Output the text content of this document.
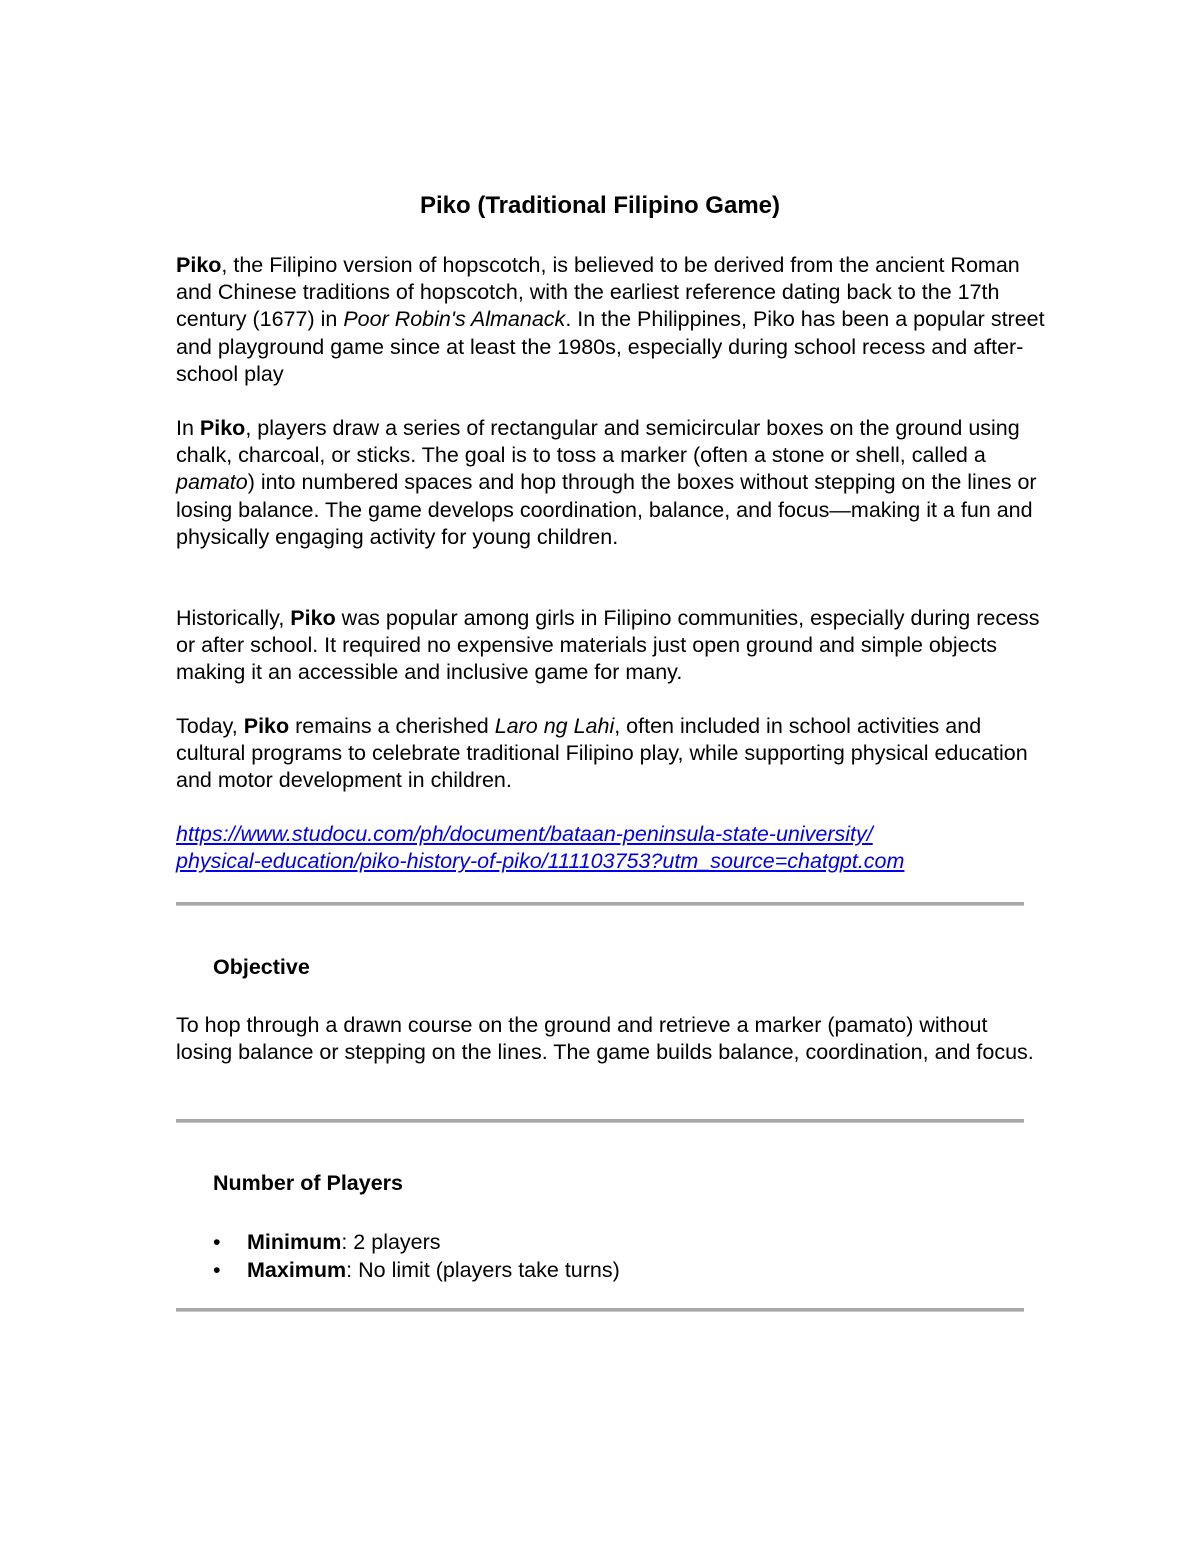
Piko (Traditional Filipino Game)

Piko, the Filipino version of hopscotch, is believed to be derived from the ancient Roman and Chinese traditions of hopscotch, with the earliest reference dating back to the 17th century (1677) in Poor Robin's Almanack. In the Philippines, Piko has been a popular street and playground game since at least the 1980s, especially during school recess and after-school play

In Piko, players draw a series of rectangular and semicircular boxes on the ground using chalk, charcoal, or sticks. The goal is to toss a marker (often a stone or shell, called a pamato) into numbered spaces and hop through the boxes without stepping on the lines or losing balance. The game develops coordination, balance, and focus—making it a fun and physically engaging activity for young children.

Historically, Piko was popular among girls in Filipino communities, especially during recess or after school. It required no expensive materials just open ground and simple objects making it an accessible and inclusive game for many.

Today, Piko remains a cherished Laro ng Lahi, often included in school activities and cultural programs to celebrate traditional Filipino play, while supporting physical education and motor development in children.

https://www.studocu.com/ph/document/bataan-peninsula-state-university/
physical-education/piko-history-of-piko/111103753?utm_source=chatgpt.com

Objective

To hop through a drawn course on the ground and retrieve a marker (pamato) without losing balance or stepping on the lines. The game builds balance, coordination, and focus.

Number of Players
• Minimum: 2 players
• Maximum: No limit (players take turns)
